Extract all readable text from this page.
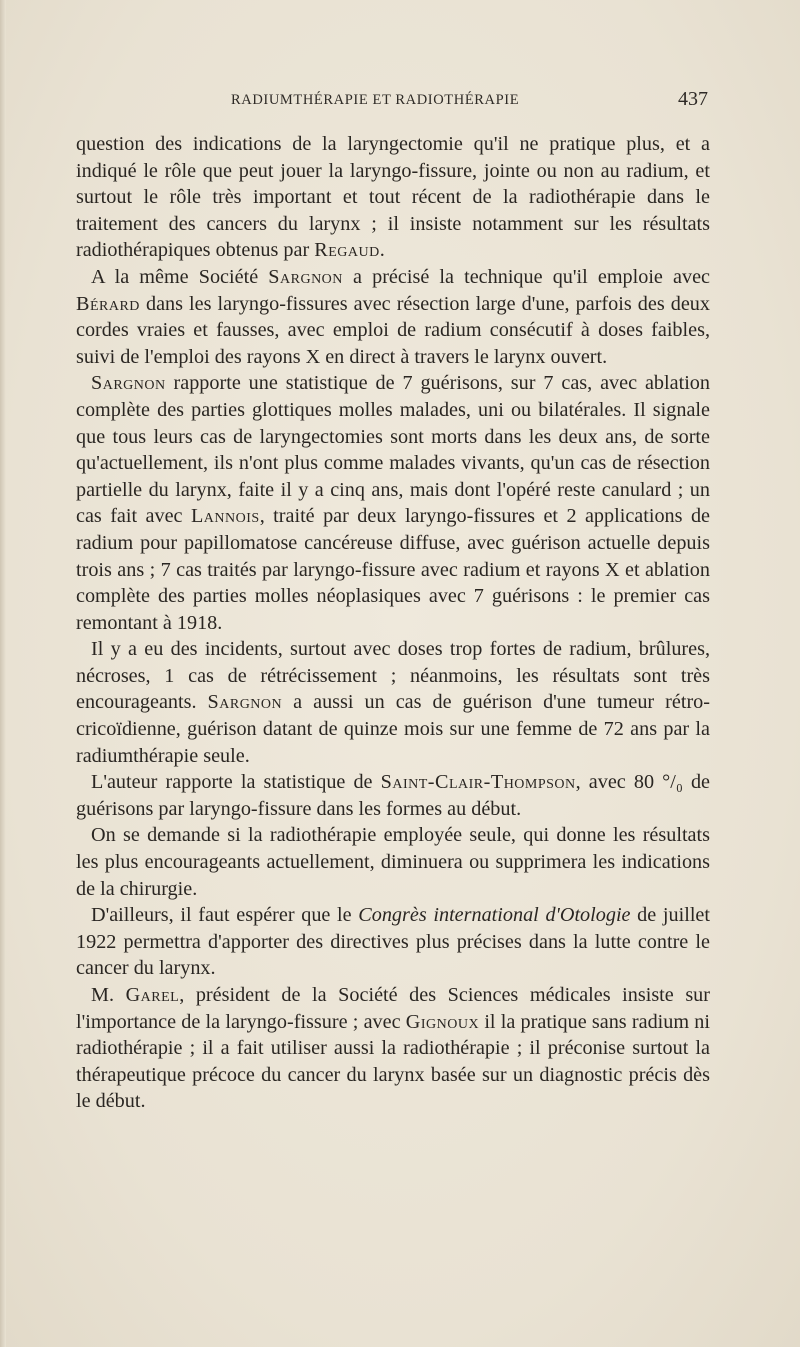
RADIUMTHÉRAPIE ET RADIOTHÉRAPIE	437

question des indications de la laryngectomie qu'il ne pratique plus, et a indiqué le rôle que peut jouer la laryngo-fissure, jointe ou non au radium, et surtout le rôle très important et tout récent de la radiothérapie dans le traitement des cancers du larynx ; il insiste notamment sur les résultats radiothérapiques obtenus par Regaud.

A la même Société Sargnon a précisé la technique qu'il emploie avec Bérard dans les laryngo-fissures avec résection large d'une, parfois des deux cordes vraies et fausses, avec emploi de radium consécutif à doses faibles, suivi de l'emploi des rayons X en direct à travers le larynx ouvert.

Sargnon rapporte une statistique de 7 guérisons, sur 7 cas, avec ablation complète des parties glottiques molles malades, uni ou bilatérales. Il signale que tous leurs cas de laryngectomies sont morts dans les deux ans, de sorte qu'actuellement, ils n'ont plus comme malades vivants, qu'un cas de résection partielle du larynx, faite il y a cinq ans, mais dont l'opéré reste canulard ; un cas fait avec Lannois, traité par deux laryngo-fissures et 2 applications de radium pour papillomatose cancéreuse diffuse, avec guérison actuelle depuis trois ans ; 7 cas traités par laryngo-fissure avec radium et rayons X et ablation complète des parties molles néoplasiques avec 7 guérisons : le premier cas remontant à 1918.

Il y a eu des incidents, surtout avec doses trop fortes de radium, brûlures, nécroses, 1 cas de rétrécissement ; néanmoins, les résultats sont très encourageants. Sargnon a aussi un cas de guérison d'une tumeur rétro-cricoïdienne, guérison datant de quinze mois sur une femme de 72 ans par la radiumthérapie seule.

L'auteur rapporte la statistique de Saint-Clair-Thompson, avec 80 °/₀ de guérisons par laryngo-fissure dans les formes au début.

On se demande si la radiothérapie employée seule, qui donne les résultats les plus encourageants actuellement, diminuera ou supprimera les indications de la chirurgie.

D'ailleurs, il faut espérer que le Congrès international d'Otologie de juillet 1922 permettra d'apporter des directives plus précises dans la lutte contre le cancer du larynx.

M. Garel, président de la Société des Sciences médicales insiste sur l'importance de la laryngo-fissure ; avec Gignoux il la pratique sans radium ni radiothérapie ; il a fait utiliser aussi la radiothérapie ; il préconise surtout la thérapeutique précoce du cancer du larynx basée sur un diagnostic précis dès le début.
